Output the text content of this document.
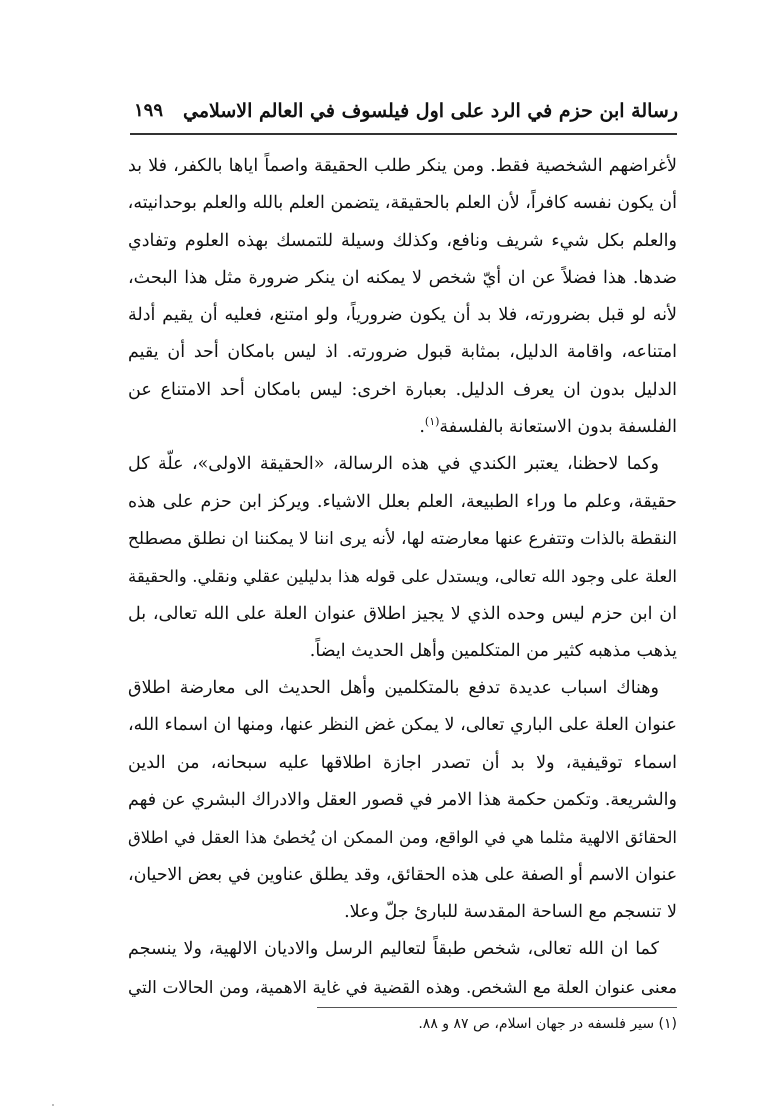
رسالة ابن حزم في الرد على اول فيلسوف في العالم الاسلامي
١٩٩
لأغراضهم الشخصية فقط. ومن ينكر طلب الحقيقة واصماً اياها بالكفر، فلا بد
أن يكون نفسه كافراً، لأن العلم بالحقيقة، يتضمن العلم بالله والعلم بوحدانيته،
والعلم بكل شيء شريف ونافع، وكذلك وسيلة للتمسك بهذه العلوم وتفادي
ضدها. هذا فضلاً عن ان أيّ شخص لا يمكنه ان ينكر ضرورة مثل هذا البحث،
لأنه لو قبل بضرورته، فلا بد أن يكون ضرورياً، ولو امتنع، فعليه أن يقيم أدلة
امتناعه، واقامة الدليل، بمثابة قبول ضرورته. اذ ليس بامكان أحد أن يقيم
الدليل بدون ان يعرف الدليل. بعبارة اخرى: ليس بامكان أحد الامتناع عن
الفلسفة بدون الاستعانة بالفلسفة$^{(١)}$.
وكما لاحظنا، يعتبر الكندي في هذه الرسالة، «الحقيقة الاولى»، علّة كل
حقيقة، وعلم ما وراء الطبيعة، العلم بعلل الاشياء. ويركز ابن حزم على هذه
النقطة بالذات وتتفرع عنها معارضته لها، لأنه يرى اننا لا يمكننا ان نطلق مصطلح
العلة على وجود الله تعالى، ويستدل على قوله هذا بدليلين عقلي ونقلي. والحقيقة
ان ابن حزم ليس وحده الذي لا يجيز اطلاق عنوان العلة على الله تعالى، بل
يذهب مذهبه كثير من المتكلمين وأهل الحديث ايضاً.
وهناك اسباب عديدة تدفع بالمتكلمين وأهل الحديث الى معارضة اطلاق
عنوان العلة على الباري تعالى، لا يمكن غض النظر عنها، ومنها ان اسماء الله،
اسماء توقيفية، ولا بد أن تصدر اجازة اطلاقها عليه سبحانه، من الدين
والشريعة. وتكمن حكمة هذا الامر في قصور العقل والادراك البشري عن فهم
الحقائق الالهية مثلما هي في الواقع، ومن الممكن ان يُخطئ هذا العقل في اطلاق
عنوان الاسم أو الصفة على هذه الحقائق، وقد يطلق عناوين في بعض الاحيان،
لا تنسجم مع الساحة المقدسة للبارئ جلّ وعلا.
كما ان الله تعالى، شخص طبقاً لتعاليم الرسل والاديان الالهية، ولا ينسجم
معنى عنوان العلة مع الشخص. وهذه القضية في غاية الاهمية، ومن الحالات التي
(١) سير فلسفه در جهان اسلام، ص ٨٧ و ٨٨.
